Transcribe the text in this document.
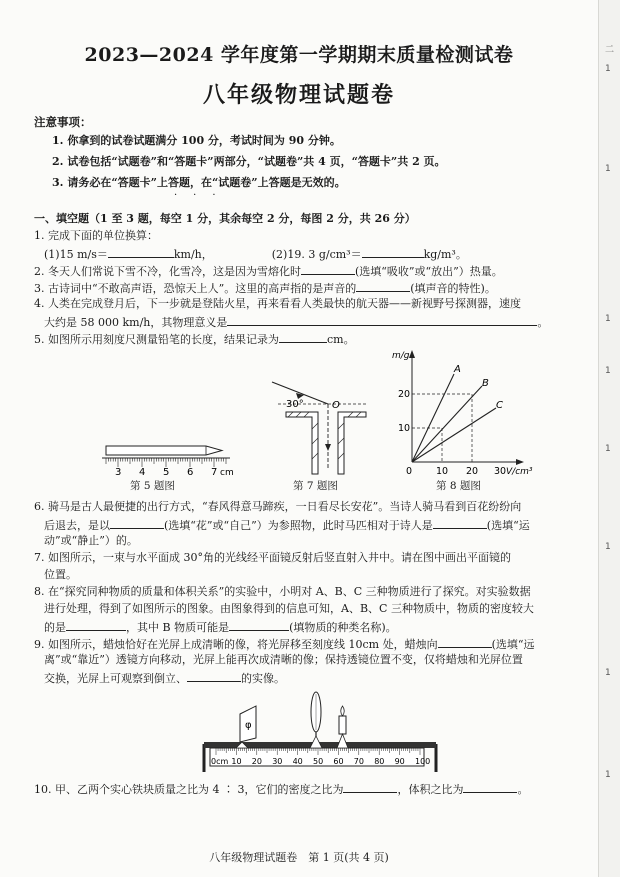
2023—2024 学年度第一学期期末质量检测试卷
八年级物理试题卷
注意事项：
1. 你拿到的试卷试题满分 100 分，考试时间为 90 分钟。
2. 试卷包括“试题卷”和“答题卡”两部分，“试题卷”共 4 页，“答题卡”共 2 页。
3. 请务必在“答题卡”上答题，在“试题卷”上答题是无效的。
···
一、填空题（1 至 3 题，每空 1 分，其余每空 2 分，每图 2 分，共 26 分）
1. 完成下面的单位换算：
(1)15 m/s＝	km/h，	(2)19. 3 g/cm³＝	kg/m³。
2. 冬天人们常说下雪不冷，化雪冷，这是因为雪熔化时	(选填“吸收”或“放出”）热量。
3. 古诗词中“不敢高声语，恐惊天上人”。这里的高声指的是声音的	(填声音的特性)。
4. 人类在完成登月后，下一步就是登陆火星，再来看看人类最快的航天器——新视野号探测器，速度
大约是 58 000 km/h，其物理意义是	。
5. 如图所示用刻度尺测量铅笔的长度，结果记录为	cm。
3 4 5 6 7 cm
第 5 题图
30°	O
第 7 题图
m/g
V/cm³
20
10
0	10 20 30
A
B
C
第 8 题图
6. 骑马是古人最便捷的出行方式，“春风得意马蹄疾，一日看尽长安花”。当诗人骑马看到百花纷纷向
后退去，是以	(选填“花”或“自己”）为参照物，此时马匹相对于诗人是	(选填“运
动”或“静止”）的。
7. 如图所示，一束与水平面成 30°角的光线经平面镜反射后竖直射入井中。请在图中画出平面镜的
位置。
8. 在“探究同种物质的质量和体积关系”的实验中，小明对 A、B、C 三种物质进行了探究。对实验数据
进行处理，得到了如图所示的图象。由图象得到的信息可知，A、B、C 三种物质中，物质的密度较大
的是	，其中 B 物质可能是	(填物质的种类名称)。
9. 如图所示，蜡烛恰好在光屏上成清晰的像，将光屏移至刻度线 10cm 处，蜡烛向	(选填“远
离”或“靠近”）透镜方向移动，光屏上能再次成清晰的像；保持透镜位置不变，仅将蜡烛和光屏位置
交换，光屏上可观察到倒立、	的实像。
0cm 10 20 30 40 50 60 70 80 90 100
φ
10. 甲、乙两个实心铁块质量之比为 4 ∶ 3，它们的密度之比为	，体积之比为	。
八年级物理试题卷　第 1 页(共 4 页)
二
1
1
1
1
1
1
1
1
